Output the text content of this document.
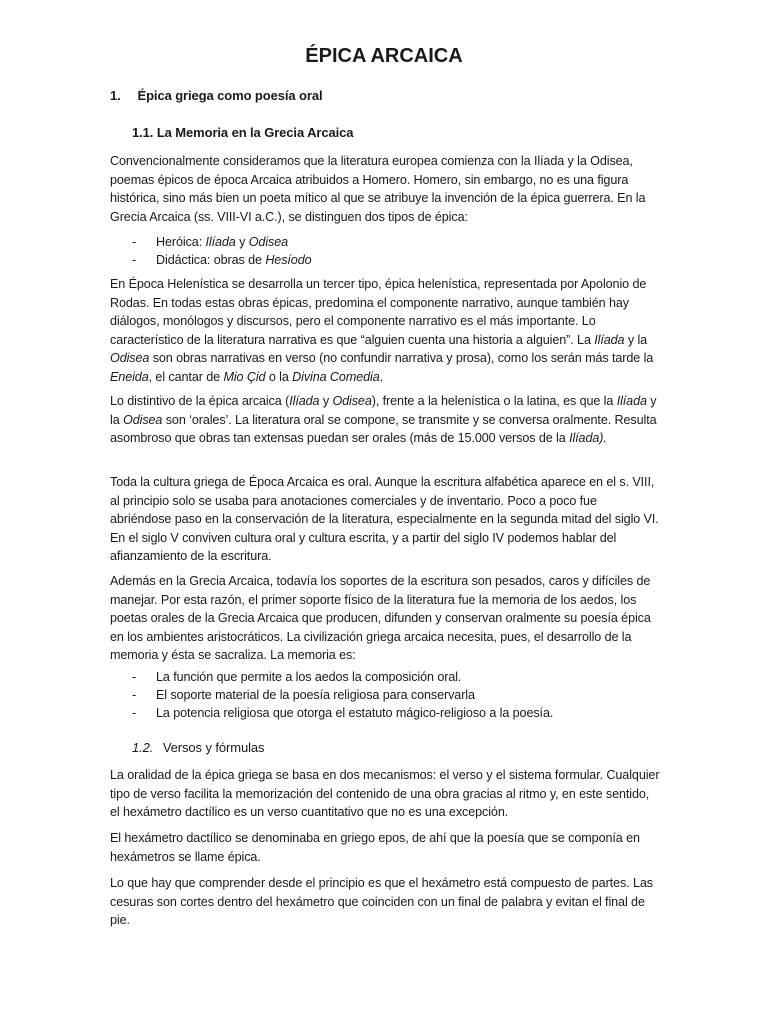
ÉPICA ARCAICA
1. Épica griega como poesía oral
1.1. La Memoria en la Grecia Arcaica

Convencionalmente consideramos que la literatura europea comienza con la Ilíada y la Odisea, poemas épicos de época Arcaica atribuidos a Homero. Homero, sin embargo, no es una figura histórica, sino más bien un poeta mítico al que se atribuye la invención de la épica guerrera. En la Grecia Arcaica (ss. VIII-VI a.C.), se distinguen dos tipos de épica:

- Heróica: Ilíada y Odisea
- Didáctica: obras de Hesíodo

En Época Helenística se desarrolla un tercer tipo, épica helenística, representada por Apolonio de Rodas. En todas estas obras épicas, predomina el componente narrativo, aunque también hay diálogos, monólogos y discursos, pero el componente narrativo es el más importante. Lo característico de la literatura narrativa es que “alguien cuenta una historia a alguien”. La Ilíada y la Odisea son obras narrativas en verso (no confundir narrativa y prosa), como los serán más tarde la Eneida, el cantar de Mio Çid o la Divina Comedia.

Lo distintivo de la épica arcaica (Ilíada y Odisea), frente a la helenística o la latina, es que la Ilíada y la Odisea son ‘orales’. La literatura oral se compone, se transmite y se conversa oralmente. Resulta asombroso que obras tan extensas puedan ser orales (más de 15.000 versos de la Ilíada).

Toda la cultura griega de Época Arcaica es oral. Aunque la escritura alfabética aparece en el s. VIII, al principio solo se usaba para anotaciones comerciales y de inventario. Poco a poco fue abriéndose paso en la conservación de la literatura, especialmente en la segunda mitad del siglo VI. En el siglo V conviven cultura oral y cultura escrita, y a partir del siglo IV podemos hablar del afianzamiento de la escritura.

Además en la Grecia Arcaica, todavía los soportes de la escritura son pesados, caros y difíciles de manejar. Por esta razón, el primer soporte físico de la literatura fue la memoria de los aedos, los poetas orales de la Grecia Arcaica que producen, difunden y conservan oralmente su poesía épica en los ambientes aristocráticos. La civilización griega arcaica necesita, pues, el desarrollo de la memoria y ésta se sacraliza. La memoria es:

- La función que permite a los aedos la composición oral.
- El soporte material de la poesía religiosa para conservarla
- La potencia religiosa que otorga el estatuto mágico-religioso a la poesía.
1.2. Versos y fórmulas

La oralidad de la épica griega se basa en dos mecanismos: el verso y el sistema formular. Cualquier tipo de verso facilita la memorización del contenido de una obra gracias al ritmo y, en este sentido, el hexámetro dactílico es un verso cuantitativo que no es una excepción.

El hexámetro dactílico se denominaba en griego epos, de ahí que la poesía que se componía en hexámetros se llame épica.

Lo que hay que comprender desde el principio es que el hexámetro está compuesto de partes. Las cesuras son cortes dentro del hexámetro que coinciden con un final de palabra y evitan el final de pie.
